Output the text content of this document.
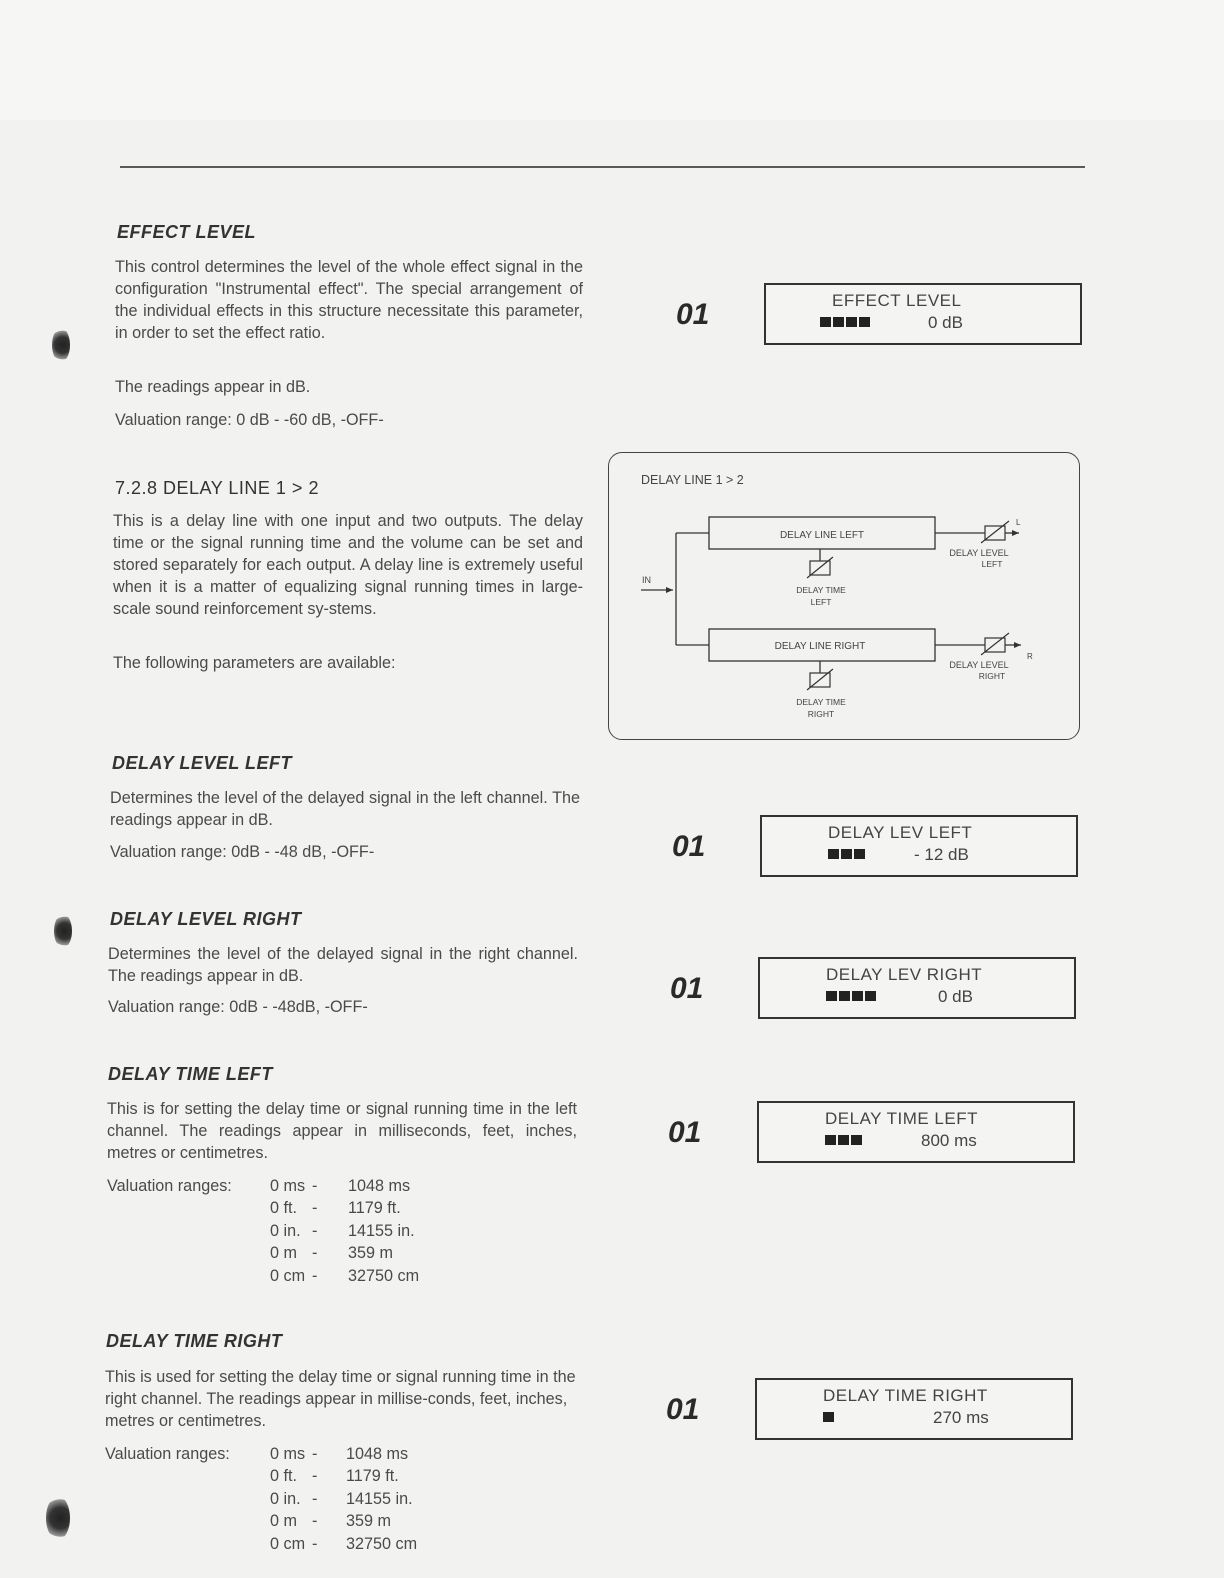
EFFECT LEVEL
This control determines the level of the whole effect signal in the configuration "Instrumental effect". The special arrangement of the individual effects in this structure necessitate this parameter, in order to set the effect ratio.
The readings appear in dB.
Valuation range: 0 dB - -60 dB, -OFF-
01	EFFECT LEVEL
0 dB
7.2.8 DELAY LINE 1 > 2
This is a delay line with one input and two outputs. The delay time or the signal running time and the volume can be set and stored separately for each output. A delay line is extremely useful when it is a matter of equalizing signal running times in large-scale sound reinforcement sy-stems.
The following parameters are available:
DELAY LINE 1 > 2
IN
DELAY LINE LEFT
L
DELAY LEVEL
LEFT
DELAY TIME
LEFT
DELAY LINE RIGHT
R
DELAY LEVEL
RIGHT
DELAY TIME
RIGHT
DELAY LEVEL LEFT
Determines the level of the delayed signal in the left channel. The readings appear in dB.
Valuation range: 0dB - -48 dB, -OFF-	01	DELAY LEV LEFT
- 12 dB
DELAY LEVEL RIGHT
Determines the level of the delayed signal in the right channel. The readings appear in dB.
Valuation range: 0dB - -48dB, -OFF-
01	DELAY LEV RIGHT
0 dB
DELAY TIME LEFT
This is for setting the delay time or signal running time in the left channel. The readings appear in milliseconds, feet, inches, metres or centimetres.
Valuation ranges: 0 ms	-	1048 ms
0 ft.	-	1179 ft.
0 in.	-	14155 in.
0 m	-	359 m
0 cm	-	32750 cm
01	DELAY TIME LEFT
800 ms
DELAY TIME RIGHT
This is used for setting the delay time or signal running time in the right channel. The readings appear in millise-conds, feet, inches, metres or centimetres.
Valuation ranges: 0 ms	-	1048 ms
0 ft.	-	1179 ft.
0 in.	-	14155 in.
0 m	-	359 m
0 cm	-	32750 cm
01	DELAY TIME RIGHT
270 ms
